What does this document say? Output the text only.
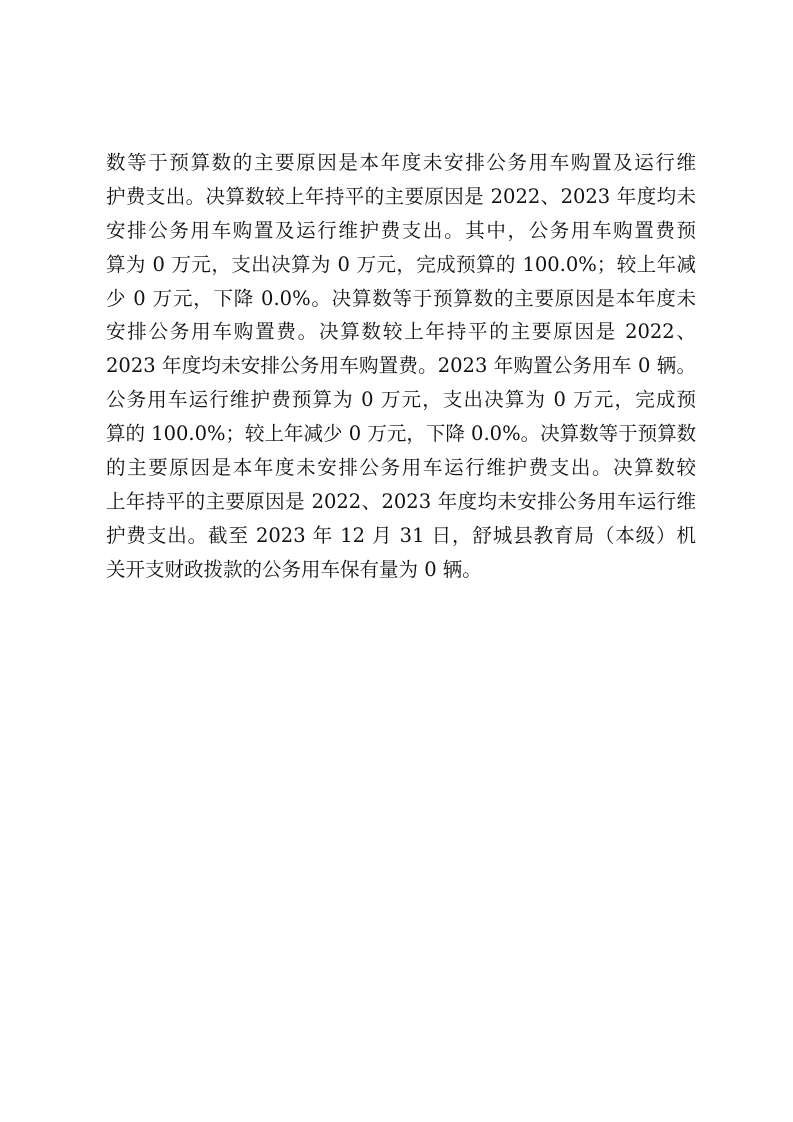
数等于预算数的主要原因是本年度未安排公务用车购置及运行维
护费支出。决算数较上年持平的主要原因是 2022、2023 年度均未
安排公务用车购置及运行维护费支出。其中，公务用车购置费预
算为 0 万元，支出决算为 0 万元，完成预算的 100.0%；较上年减
少 0 万元，下降 0.0%。决算数等于预算数的主要原因是本年度未
安排公务用车购置费。决算数较上年持平的主要原因是 2022、
2023 年度均未安排公务用车购置费。2023 年购置公务用车 0 辆。
公务用车运行维护费预算为 0 万元，支出决算为 0 万元，完成预
算的 100.0%；较上年减少 0 万元，下降 0.0%。决算数等于预算数
的主要原因是本年度未安排公务用车运行维护费支出。决算数较
上年持平的主要原因是 2022、2023 年度均未安排公务用车运行维
护费支出。截至 2023 年 12 月 31 日，舒城县教育局（本级）机
关开支财政拨款的公务用车保有量为 0 辆。
